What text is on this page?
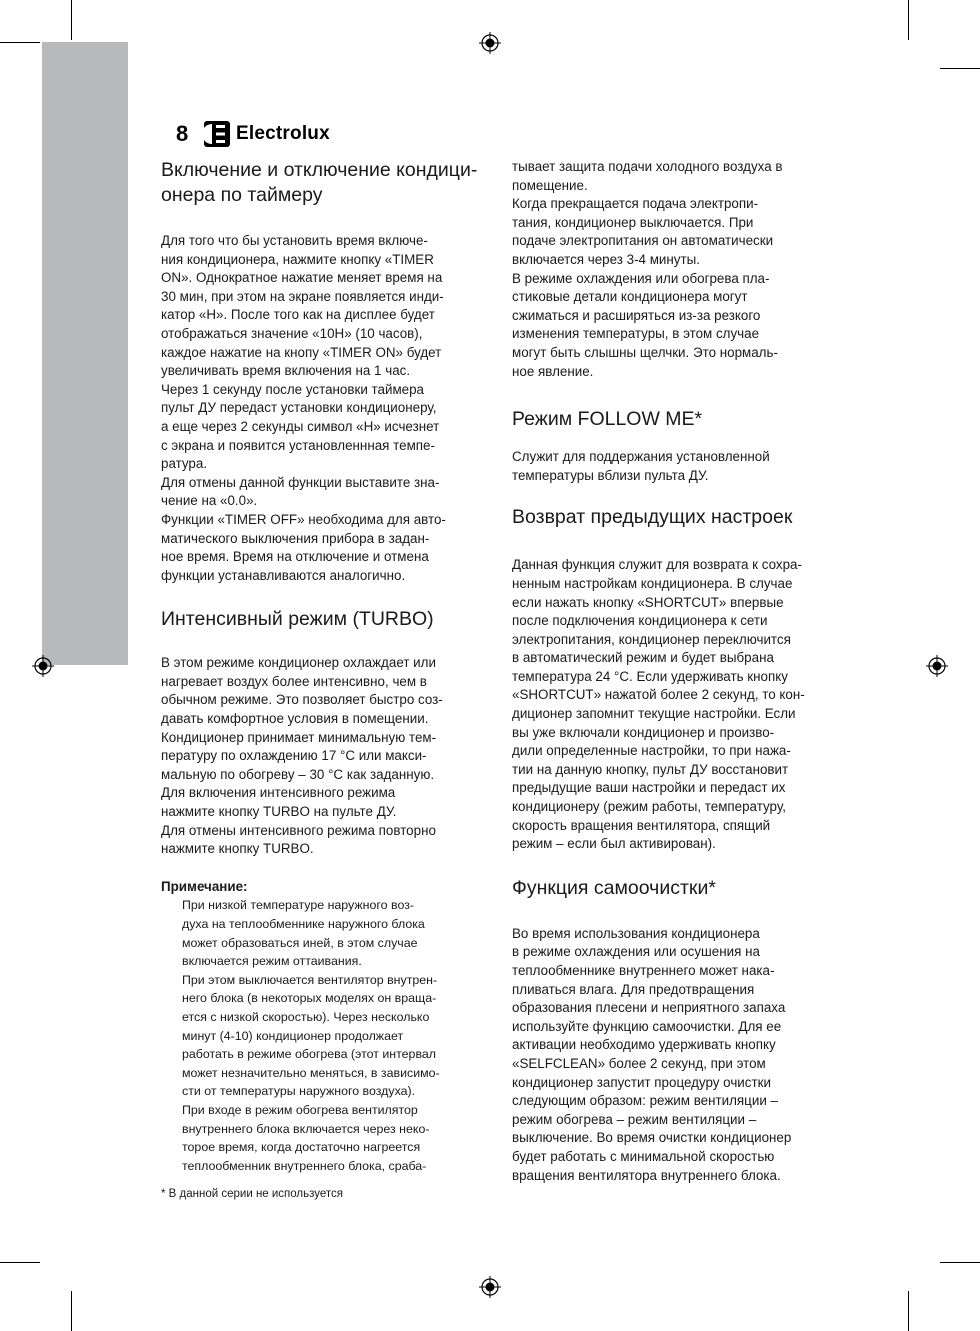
8	Electrolux
Включение и отключение кондици-
онера по таймеру

Для того что бы установить время включе-
ния кондиционера, нажмите кнопку «TIMER
ON». Однократное нажатие меняет время на
30 мин, при этом на экране появляется инди-
катор «H». После того как на дисплее будет
отображаться значение «10H» (10 часов),
каждое нажатие на кнопу «TIMER ON» будет
увеличивать время включения на 1 час.
Через 1 секунду после установки таймера
пульт ДУ передаст установки кондиционеру,
а еще через 2 секунды символ «H» исчезнет
с экрана и появится установленнная темпе-
ратура.
Для отмены данной функции выставите зна-
чение на «0.0».
Функции «TIMER OFF» необходима для авто-
матического выключения прибора в задан-
ное время. Время на отключение и отмена
функции устанавливаются аналогично.

Интенсивный режим (TURBO)

В этом режиме кондиционер охлаждает или
нагревает воздух более интенсивно, чем в
обычном режиме. Это позволяет быстро соз-
давать комфортное условия в помещении.
Кондиционер принимает минимальную тем-
пературу по охлаждению 17 °С или макси-
мальную по обогреву – 30 °С как заданную.
Для включения интенсивного режима
нажмите кнопку TURBO на пульте ДУ.
Для отмены интенсивного режима повторно
нажмите кнопку TURBO.

Примечание:

При низкой температуре наружного воз-
духа на теплообменнике наружного блока
может образоваться иней, в этом случае
включается режим оттаивания.
При этом выключается вентилятор внутрен-
него блока (в некоторых моделях он враща-
ется с низкой скоростью). Через несколько
минут (4-10) кондиционер продолжает
работать в режиме обогрева (этот интервал
может незначительно меняться, в зависимо-
сти от температуры наружного воздуха).
При входе в режим обогрева вентилятор
внутреннего блока включается через неко-
торое время, когда достаточно нагреется
теплообменник внутреннего блока, сраба-

тывает защита подачи холодного воздуха в
помещение.
Когда прекращается подача электропи-
тания, кондиционер выключается. При
подаче электропитания он автоматически
включается через 3-4 минуты.
В режиме охлаждения или обогрева пла-
стиковые детали кондиционера могут
сжиматься и расширяться из-за резкого
изменения температуры, в этом случае
могут быть слышны щелчки. Это нормаль-
ное явление.

Режим FOLLOW ME*

Служит для поддержания установленной
температуры вблизи пульта ДУ.

Возврат предыдущих настроек

Данная функция служит для возврата к сохра-
ненным настройкам кондиционера. В случае
если нажать кнопку «SHORTCUT» впервые
после подключения кондиционера к сети
электропитания, кондиционер переключится
в автоматический режим и будет выбрана
температура 24 °С. Если удерживать кнопку
«SHORTCUT» нажатой более 2 секунд, то кон-
диционер запомнит текущие настройки. Если
вы уже включали кондиционер и произво-
дили определенные настройки, то при нажа-
тии на данную кнопку, пульт ДУ восстановит
предыдущие ваши настройки и передаст их
кондиционеру (режим работы, температуру,
скорость вращения вентилятора, спящий
режим – если был активирован).

Функция самоочистки*

Во время использования кондиционера
в режиме охлаждения или осушения на
теплообменнике внутреннего может нака-
пливаться влага. Для предотвращения
образования плесени и неприятного запаха
используйте функцию самоочистки. Для ее
активации необходимо удерживать кнопку
«SELFCLEAN» более 2 секунд, при этом
кондиционер запустит процедуру очистки
следующим образом: режим вентиляции –
режим обогрева – режим вентиляции –
выключение. Во время очистки кондиционер
будет работать с минимальной скоростью
вращения вентилятора внутреннего блока.

* В данной серии не используется
